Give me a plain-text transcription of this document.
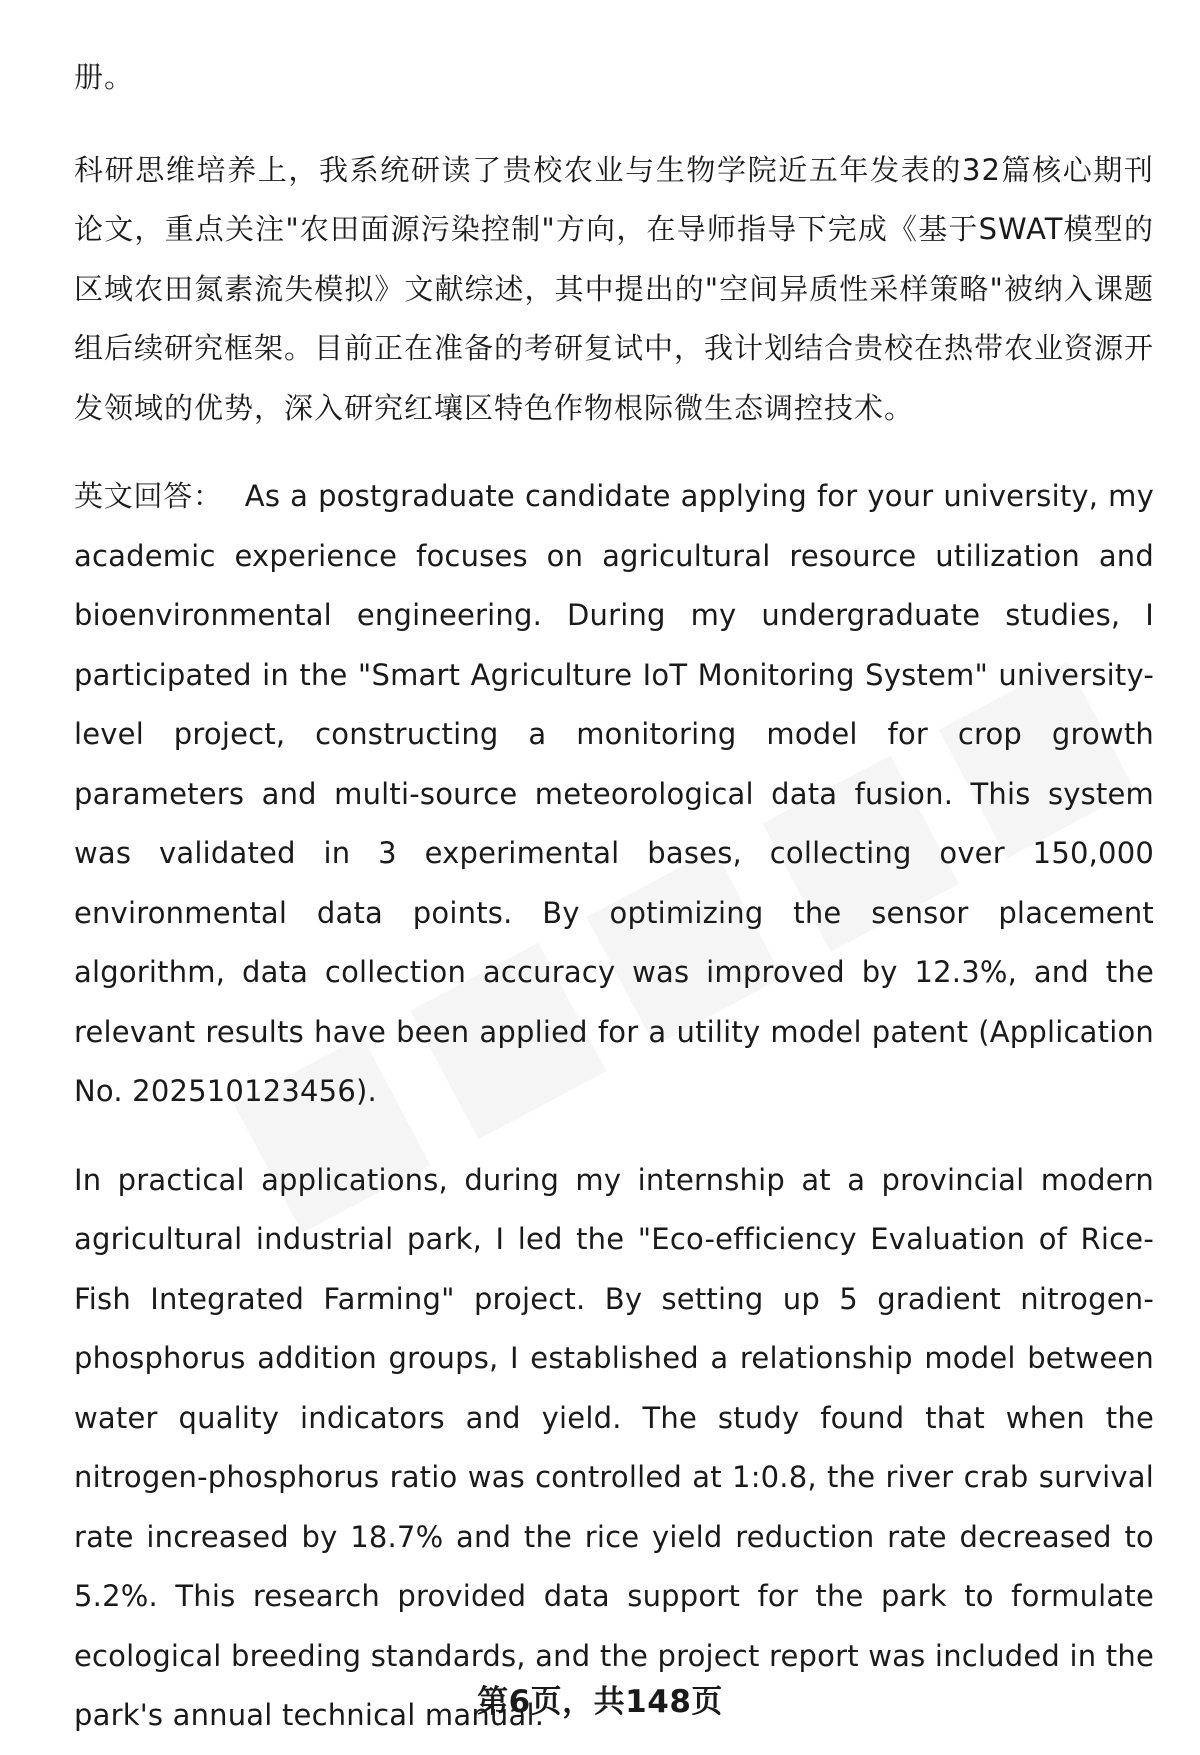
册。

科研思维培养上，我系统研读了贵校农业与生物学院近五年发表的32篇核心期刊论文，重点关注"农田面源污染控制"方向，在导师指导下完成《基于SWAT模型的区域农田氮素流失模拟》文献综述，其中提出的"空间异质性采样策略"被纳入课题组后续研究框架。目前正在准备的考研复试中，我计划结合贵校在热带农业资源开发领域的优势，深入研究红壤区特色作物根际微生态调控技术。

英文回答： As a postgraduate candidate applying for your university, my academic experience focuses on agricultural resource utilization and bioenvironmental engineering. During my undergraduate studies, I participated in the "Smart Agriculture IoT Monitoring System" university-level project, constructing a monitoring model for crop growth parameters and multi-source meteorological data fusion. This system was validated in 3 experimental bases, collecting over 150,000 environmental data points. By optimizing the sensor placement algorithm, data collection accuracy was improved by 12.3%, and the relevant results have been applied for a utility model patent (Application No. 202510123456).

In practical applications, during my internship at a provincial modern agricultural industrial park, I led the "Eco-efficiency Evaluation of Rice-Fish Integrated Farming" project. By setting up 5 gradient nitrogen-phosphorus addition groups, I established a relationship model between water quality indicators and yield. The study found that when the nitrogen-phosphorus ratio was controlled at 1:0.8, the river crab survival rate increased by 18.7% and the rice yield reduction rate decreased to 5.2%. This research provided data support for the park to formulate ecological breeding standards, and the project report was included in the park's annual technical manual.

第6页，共148页
